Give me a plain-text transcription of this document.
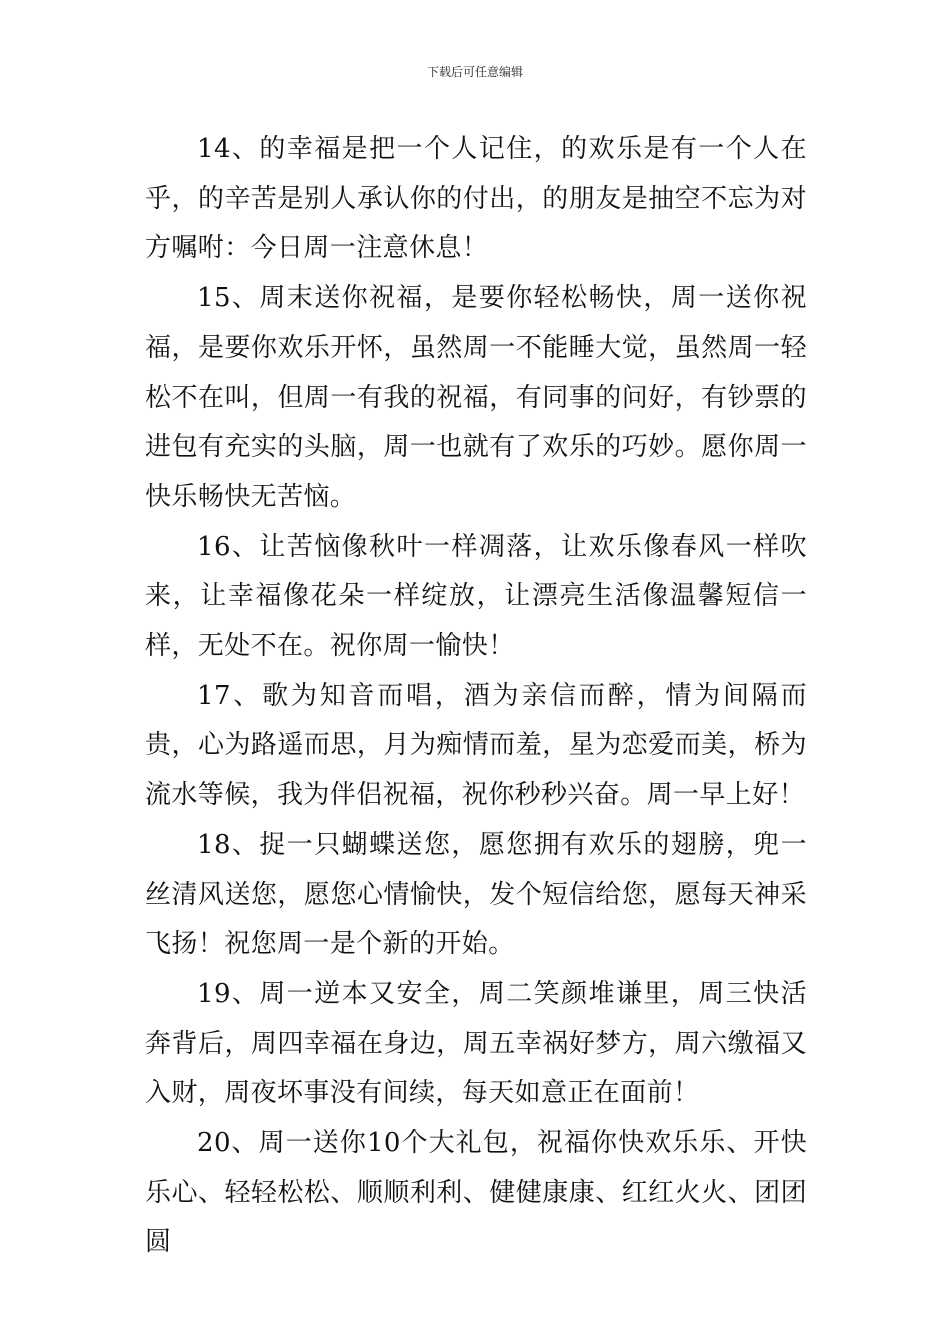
下载后可任意编辑

14、的幸福是把一个人记住，的欢乐是有一个人在乎，的辛苦是别人承认你的付出，的朋友是抽空不忘为对方嘱咐：今日周一注意休息！

15、周末送你祝福，是要你轻松畅快，周一送你祝福，是要你欢乐开怀，虽然周一不能睡大觉，虽然周一轻松不在叫，但周一有我的祝福，有同事的问好，有钞票的进包有充实的头脑，周一也就有了欢乐的巧妙。愿你周一快乐畅快无苦恼。

16、让苦恼像秋叶一样凋落，让欢乐像春风一样吹来，让幸福像花朵一样绽放，让漂亮生活像温馨短信一样，无处不在。祝你周一愉快！

17、歌为知音而唱，酒为亲信而醉，情为间隔而贵，心为路遥而思，月为痴情而羞，星为恋爱而美，桥为流水等候，我为伴侣祝福，祝你秒秒兴奋。周一早上好！

18、捉一只蝴蝶送您，愿您拥有欢乐的翅膀，兜一丝清风送您，愿您心情愉快，发个短信给您，愿每天神采飞扬！祝您周一是个新的开始。

19、周一逆本又安全，周二笑颜堆谦里，周三快活奔背后，周四幸福在身边，周五幸祸好梦方，周六缴福又入财，周夜坏事没有间续，每天如意正在面前！

20、周一送你10个大礼包，祝福你快欢乐乐、开快乐心、轻轻松松、顺顺利利、健健康康、红红火火、团团圆
